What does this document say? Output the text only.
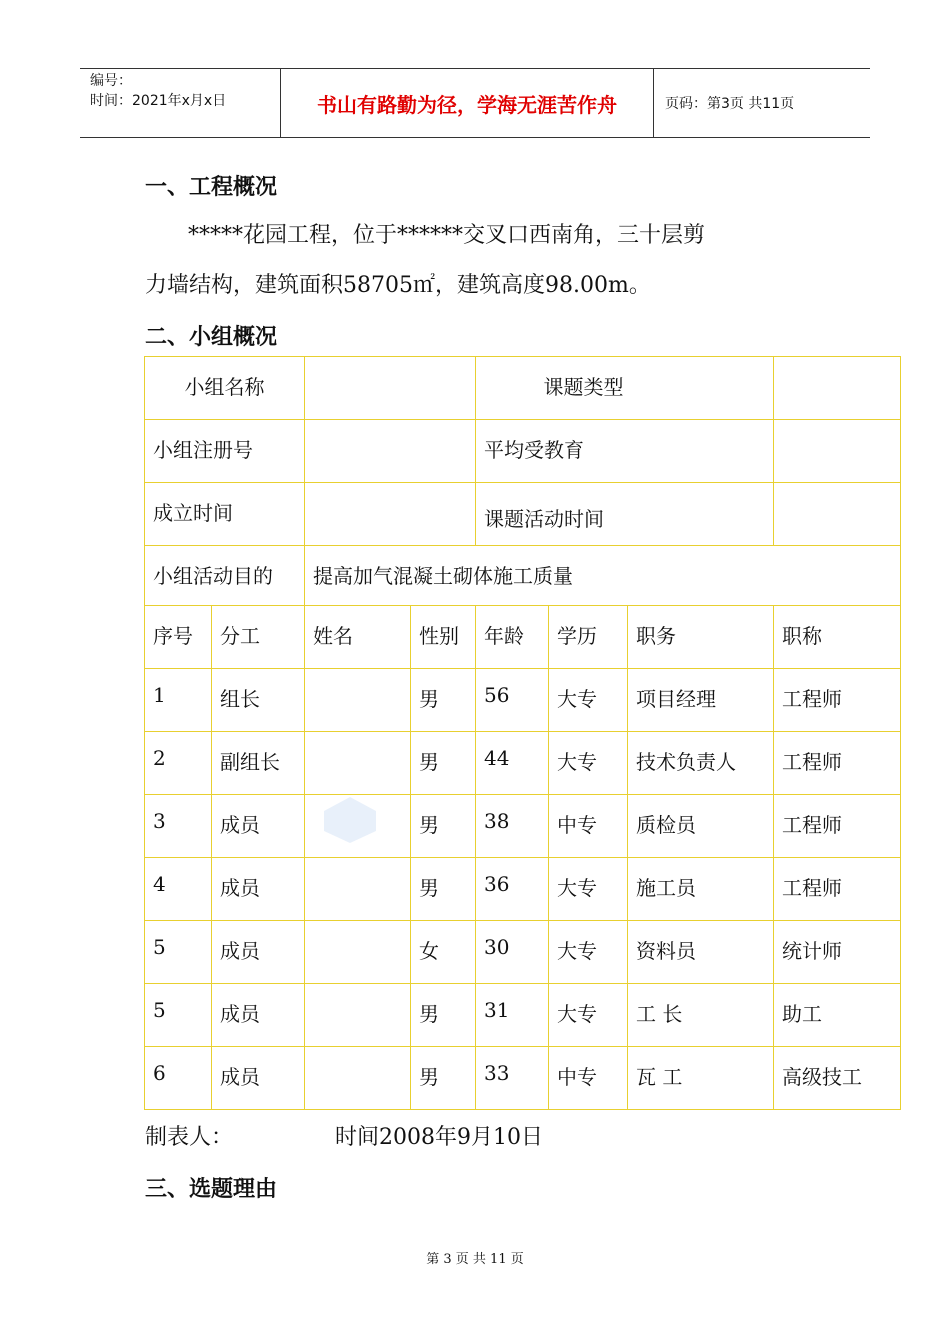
编号：
时间：2021年x月x日	书山有路勤为径，学海无涯苦作舟	页码：第3页 共11页
一、工程概况
*****花园工程，位于******交叉口西南角，三十层剪
力墙结构，建筑面积58705㎡，建筑高度98.00m。
二、小组概况
小组名称				课题类型			
小组注册号				平均受教育			
成立时间				课题活动时间			
小组活动目的		提高加气混凝土砌体施工质量					
序号	分工	姓名	性别	年龄	学历	职务	职称
1	组长		男	56	大专	项目经理	工程师
2	副组长		男	44	大专	技术负责人	工程师
3	成员		男	38	中专	质检员	工程师
4	成员		男	36	大专	施工员	工程师
5	成员		女	30	大专	资料员	统计师
5	成员		男	31	大专	工 长	助工
6	成员		男	33	中专	瓦 工	高级技工
制表人：	时间2008年9月10日
三、选题理由
第 3 页 共 11 页
